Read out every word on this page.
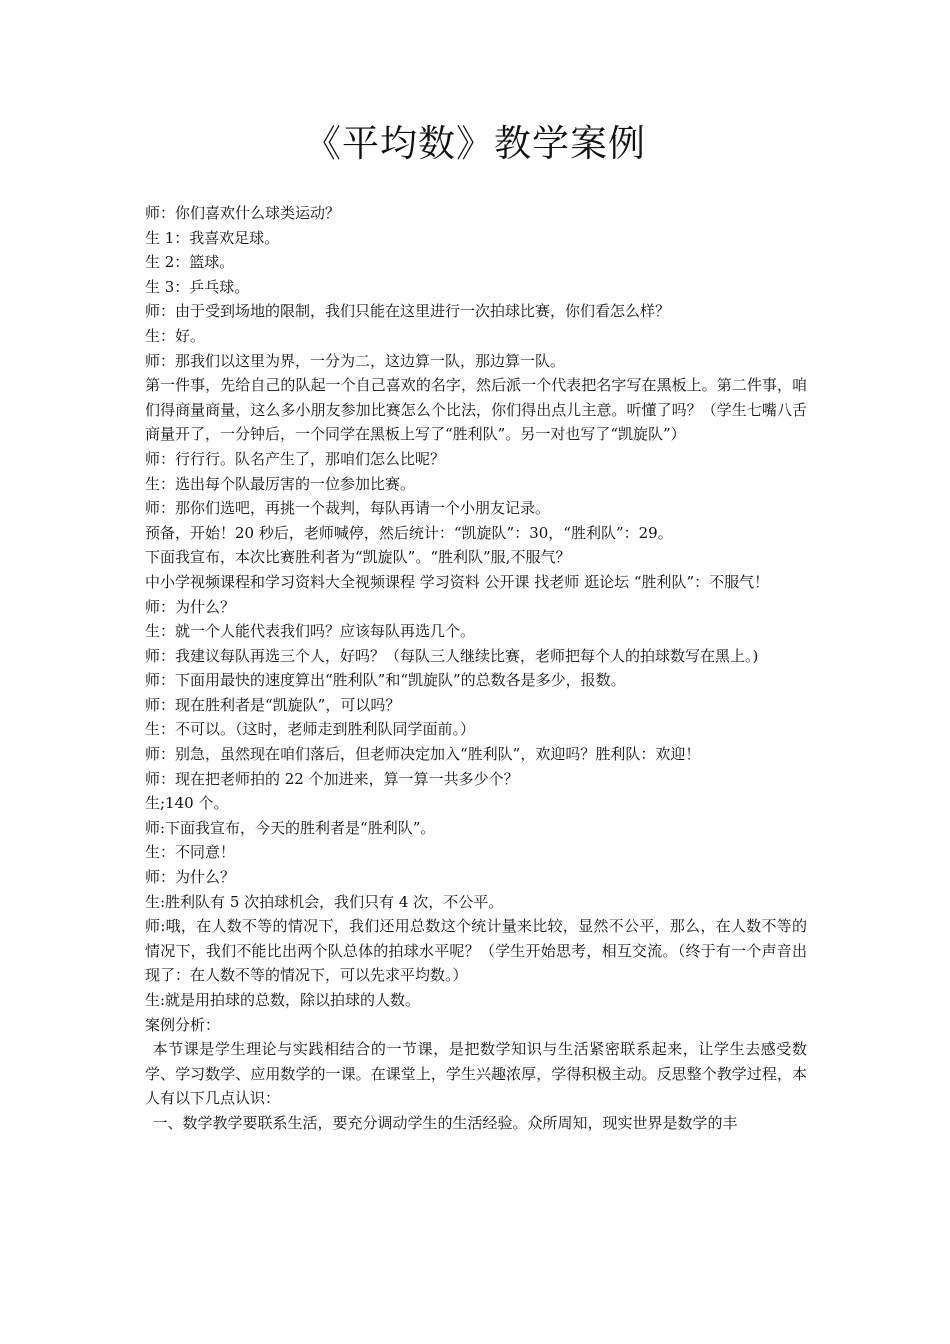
《平均数》教学案例

师：你们喜欢什么球类运动？

生 1：我喜欢足球。

生 2：篮球。

生 3：乒乓球。

师：由于受到场地的限制，我们只能在这里进行一次拍球比赛，你们看怎么样？

生：好。

师：那我们以这里为界，一分为二，这边算一队，那边算一队。

第一件事，先给自己的队起一个自己喜欢的名字，然后派一个代表把名字写在黑板上。第二件事，咱们得商量商量，这么多小朋友参加比赛怎么个比法，你们得出点儿主意。听懂了吗？（学生七嘴八舌商量开了，一分钟后，一个同学在黑板上写了“胜利队”。另一对也写了“凯旋队”）

师：行行行。队名产生了，那咱们怎么比呢？

生：选出每个队最厉害的一位参加比赛。

师：那你们选吧，再挑一个裁判，每队再请一个小朋友记录。

预备，开始！20 秒后，老师喊停，然后统计：“凯旋队”：30，“胜利队”：29。

下面我宣布，本次比赛胜利者为“凯旋队”。“胜利队”服,不服气？

中小学视频课程和学习资料大全视频课程 学习资料 公开课 找老师 逛论坛 “胜利队”：不服气！

师：为什么？

生：就一个人能代表我们吗？应该每队再选几个。

师：我建议每队再选三个人，好吗？（每队三人继续比赛，老师把每个人的拍球数写在黑上。)

师：下面用最快的速度算出“胜利队”和“凯旋队”的总数各是多少，报数。

师：现在胜利者是“凯旋队”，可以吗？

生：不可以。（这时，老师走到胜利队同学面前。）

师：别急，虽然现在咱们落后，但老师决定加入“胜利队”，欢迎吗？胜利队：欢迎！

师：现在把老师拍的 22 个加进来，算一算一共多少个？

生;140 个。

师:下面我宣布，今天的胜利者是“胜利队”。

生：不同意！

师：为什么？

生:胜利队有 5 次拍球机会，我们只有 4 次，不公平。

师:哦，在人数不等的情况下，我们还用总数这个统计量来比较，显然不公平，那么，在人数不等的情况下，我们不能比出两个队总体的拍球水平呢？（学生开始思考，相互交流。（终于有一个声音出现了：在人数不等的情况下，可以先求平均数。）

生:就是用拍球的总数，除以拍球的人数。

案例分析：

本节课是学生理论与实践相结合的一节课，是把数学知识与生活紧密联系起来，让学生去感受数学、学习数学、应用数学的一课。在课堂上，学生兴趣浓厚，学得积极主动。反思整个教学过程，本人有以下几点认识：

一、数学教学要联系生活，要充分调动学生的生活经验。众所周知，现实世界是数学的丰
